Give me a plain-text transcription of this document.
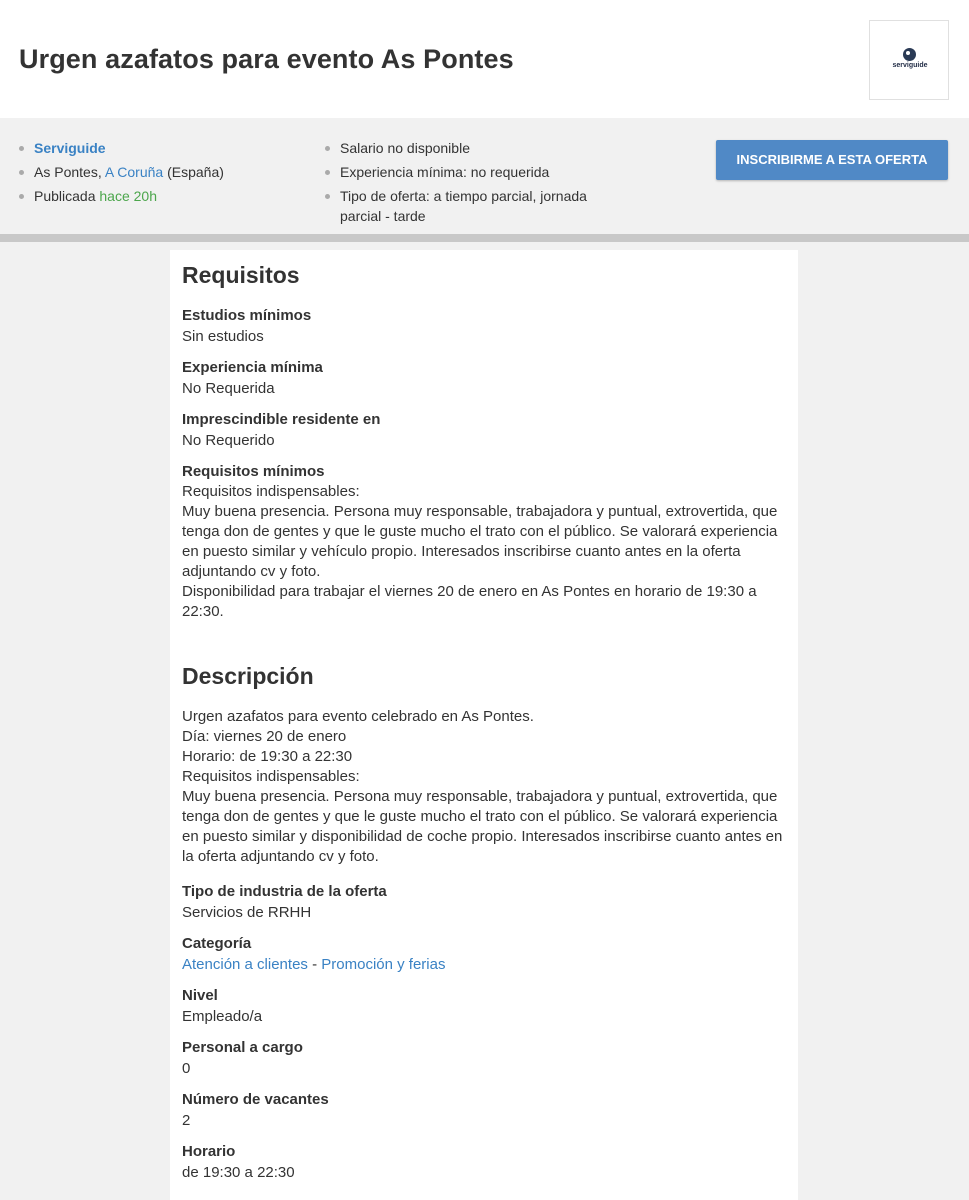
Urgen azafatos para evento As Pontes	serviguide
Serviguide
As Pontes, A Coruña (España)
Publicada hace 20h
Salario no disponible
Experiencia mínima: no requerida
Tipo de oferta: a tiempo parcial, jornada parcial - tarde
INSCRIBIRME A ESTA OFERTA
Requisitos
Estudios mínimos
Sin estudios
Experiencia mínima
No Requerida
Imprescindible residente en
No Requerido
Requisitos mínimos
Requisitos indispensables:
Muy buena presencia. Persona muy responsable, trabajadora y puntual, extrovertida, que tenga don de gentes y que le guste mucho el trato con el público. Se valorará experiencia en puesto similar y vehículo propio. Interesados inscribirse cuanto antes en la oferta adjuntando cv y foto.
Disponibilidad para trabajar el viernes 20 de enero en As Pontes en horario de 19:30 a 22:30.
Descripción
Urgen azafatos para evento celebrado en As Pontes.
Día: viernes 20 de enero
Horario: de 19:30 a 22:30
Requisitos indispensables:
Muy buena presencia. Persona muy responsable, trabajadora y puntual, extrovertida, que tenga don de gentes y que le guste mucho el trato con el público. Se valorará experiencia en puesto similar y disponibilidad de coche propio. Interesados inscribirse cuanto antes en la oferta adjuntando cv y foto.
Tipo de industria de la oferta
Servicios de RRHH
Categoría
Atención a clientes - Promoción y ferias
Nivel
Empleado/a
Personal a cargo
0
Número de vacantes
2
Horario
de 19:30 a 22:30
